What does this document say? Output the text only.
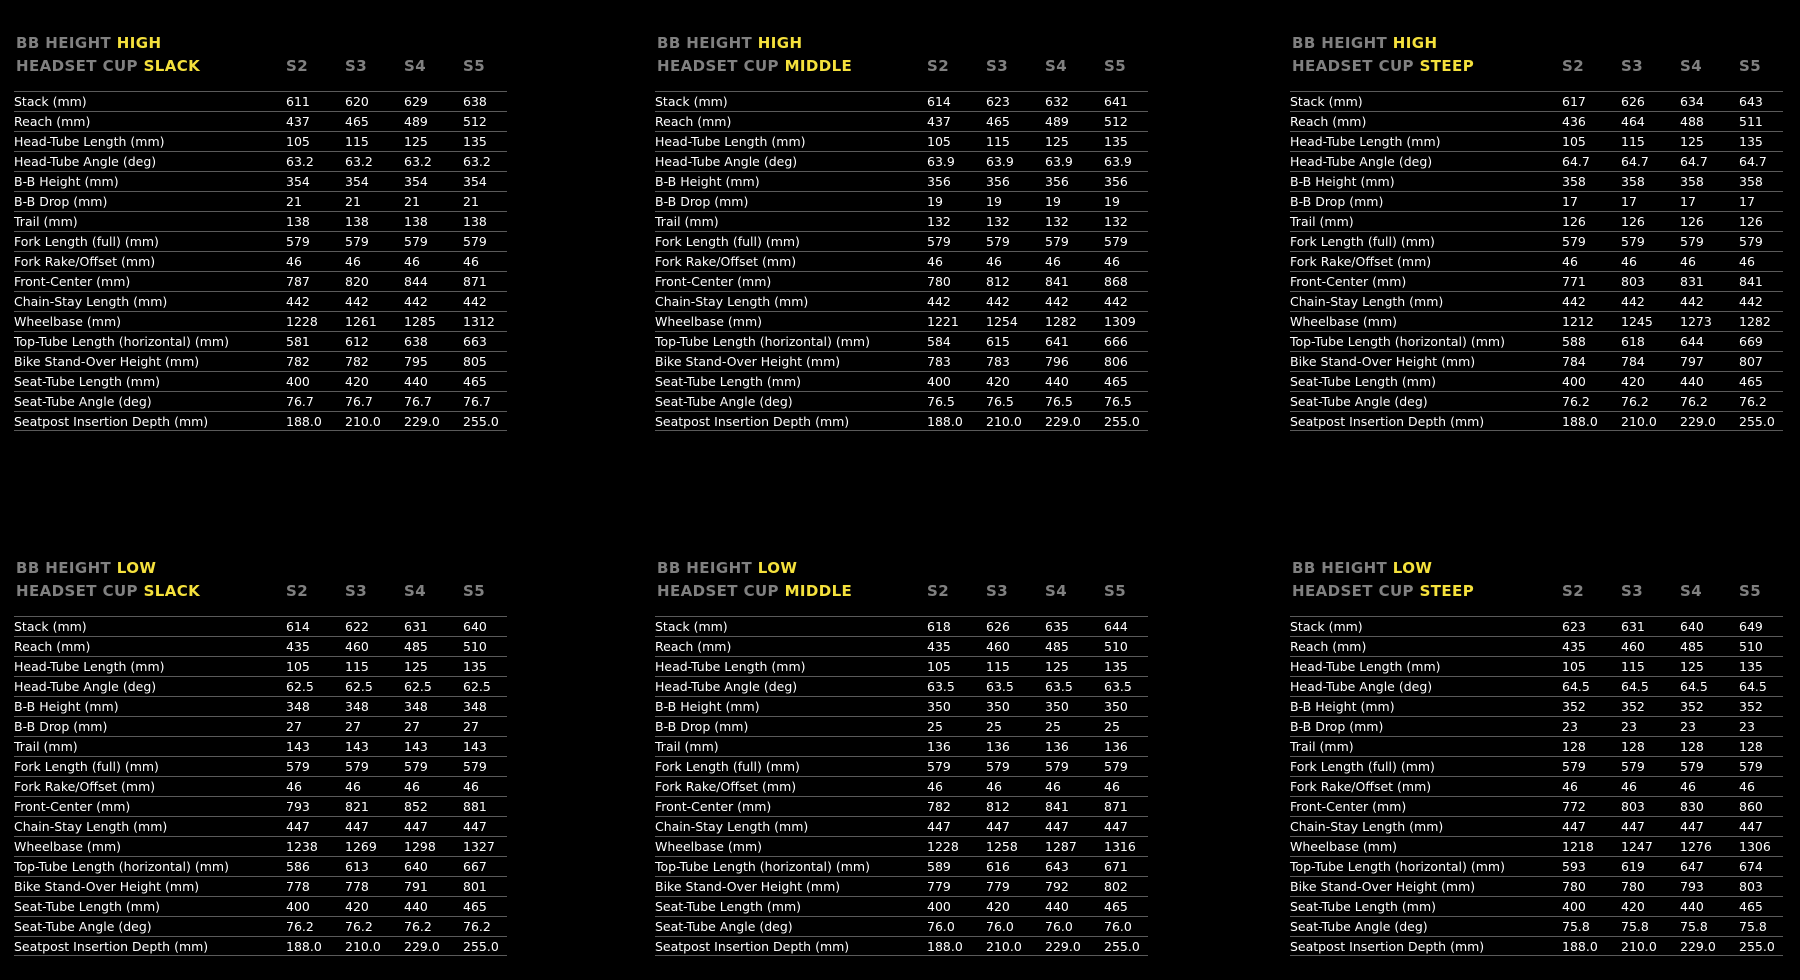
BB HEIGHT HIGH
HEADSET CUP SLACK	S2	S3	S4	S5
Stack (mm)	611	620	629	638
Reach (mm)	437	465	489	512
Head-Tube Length (mm)	105	115	125	135
Head-Tube Angle (deg)	63.2 63.2 63.2 63.2
B-B Height (mm)	354	354	354	354
B-B Drop (mm)	21	21	21	21
Trail (mm)	138	138	138	138
Fork Length (full) (mm)	579	579	579	579
Fork Rake/Offset (mm)	46	46	46	46
Front-Center (mm)	787	820	844	871
Chain-Stay Length (mm)	442	442	442	442
Wheelbase (mm)	1228 1261 1285 1312
Top-Tube Length (horizontal) (mm)	581	612	638	663
Bike Stand-Over Height (mm)	782	782	795	805
Seat-Tube Length (mm)	400	420	440	465
Seat-Tube Angle (deg)	76.7 76.7 76.7 76.7
Seatpost Insertion Depth (mm)	188.0 210.0 229.0 255.0
BB HEIGHT HIGH
HEADSET CUP MIDDLE	S2	S3	S4	S5
Stack (mm)	614	623	632	641
Reach (mm)	437	465	489	512
Head-Tube Length (mm)	105	115	125	135
Head-Tube Angle (deg)	63.9 63.9 63.9 63.9
B-B Height (mm)	356	356	356	356
B-B Drop (mm)	19	19	19	19
Trail (mm)	132	132	132	132
Fork Length (full) (mm)	579	579	579	579
Fork Rake/Offset (mm)	46	46	46	46
Front-Center (mm)	780	812	841	868
Chain-Stay Length (mm)	442	442	442	442
Wheelbase (mm)	1221 1254 1282 1309
Top-Tube Length (horizontal) (mm)	584	615	641	666
Bike Stand-Over Height (mm)	783	783	796	806
Seat-Tube Length (mm)	400	420	440	465
Seat-Tube Angle (deg)	76.5 76.5 76.5 76.5
Seatpost Insertion Depth (mm)	188.0 210.0 229.0 255.0
BB HEIGHT HIGH
HEADSET CUP STEEP	S2	S3	S4	S5
Stack (mm)	617	626	634	643
Reach (mm)	436	464	488	511
Head-Tube Length (mm)	105	115	125	135
Head-Tube Angle (deg)	64.7 64.7 64.7 64.7
B-B Height (mm)	358	358	358	358
B-B Drop (mm)	17	17	17	17
Trail (mm)	126	126	126	126
Fork Length (full) (mm)	579	579	579	579
Fork Rake/Offset (mm)	46	46	46	46
Front-Center (mm)	771	803	831	841
Chain-Stay Length (mm)	442	442	442	442
Wheelbase (mm)	1212 1245 1273 1282
Top-Tube Length (horizontal) (mm)	588	618	644	669
Bike Stand-Over Height (mm)	784	784	797	807
Seat-Tube Length (mm)	400	420	440	465
Seat-Tube Angle (deg)	76.2 76.2 76.2 76.2
Seatpost Insertion Depth (mm)	188.0 210.0 229.0 255.0
BB HEIGHT LOW
HEADSET CUP SLACK	S2	S3	S4	S5
Stack (mm)	614	622	631	640
Reach (mm)	435	460	485	510
Head-Tube Length (mm)	105	115	125	135
Head-Tube Angle (deg)	62.5 62.5 62.5 62.5
B-B Height (mm)	348	348	348	348
B-B Drop (mm)	27	27	27	27
Trail (mm)	143	143	143	143
Fork Length (full) (mm)	579	579	579	579
Fork Rake/Offset (mm)	46	46	46	46
Front-Center (mm)	793	821	852	881
Chain-Stay Length (mm)	447	447	447	447
Wheelbase (mm)	1238 1269 1298 1327
Top-Tube Length (horizontal) (mm)	586	613	640	667
Bike Stand-Over Height (mm)	778	778	791	801
Seat-Tube Length (mm)	400	420	440	465
Seat-Tube Angle (deg)	76.2 76.2 76.2 76.2
Seatpost Insertion Depth (mm)	188.0 210.0 229.0 255.0
BB HEIGHT LOW
HEADSET CUP MIDDLE	S2	S3	S4	S5
Stack (mm)	618	626	635	644
Reach (mm)	435	460	485	510
Head-Tube Length (mm)	105	115	125	135
Head-Tube Angle (deg)	63.5 63.5 63.5 63.5
B-B Height (mm)	350	350	350	350
B-B Drop (mm)	25	25	25	25
Trail (mm)	136	136	136	136
Fork Length (full) (mm)	579	579	579	579
Fork Rake/Offset (mm)	46	46	46	46
Front-Center (mm)	782	812	841	871
Chain-Stay Length (mm)	447	447	447	447
Wheelbase (mm)	1228 1258 1287 1316
Top-Tube Length (horizontal) (mm)	589	616	643	671
Bike Stand-Over Height (mm)	779	779	792	802
Seat-Tube Length (mm)	400	420	440	465
Seat-Tube Angle (deg)	76.0 76.0 76.0 76.0
Seatpost Insertion Depth (mm)	188.0 210.0 229.0 255.0
BB HEIGHT LOW
HEADSET CUP STEEP	S2	S3	S4	S5
Stack (mm)	623	631	640	649
Reach (mm)	435	460	485	510
Head-Tube Length (mm)	105	115	125	135
Head-Tube Angle (deg)	64.5 64.5 64.5 64.5
B-B Height (mm)	352	352	352	352
B-B Drop (mm)	23	23	23	23
Trail (mm)	128	128	128	128
Fork Length (full) (mm)	579	579	579	579
Fork Rake/Offset (mm)	46	46	46	46
Front-Center (mm)	772	803	830	860
Chain-Stay Length (mm)	447	447	447	447
Wheelbase (mm)	1218 1247 1276 1306
Top-Tube Length (horizontal) (mm)	593	619	647	674
Bike Stand-Over Height (mm)	780	780	793	803
Seat-Tube Length (mm)	400	420	440	465
Seat-Tube Angle (deg)	75.8 75.8 75.8 75.8
Seatpost Insertion Depth (mm)	188.0 210.0 229.0 255.0
